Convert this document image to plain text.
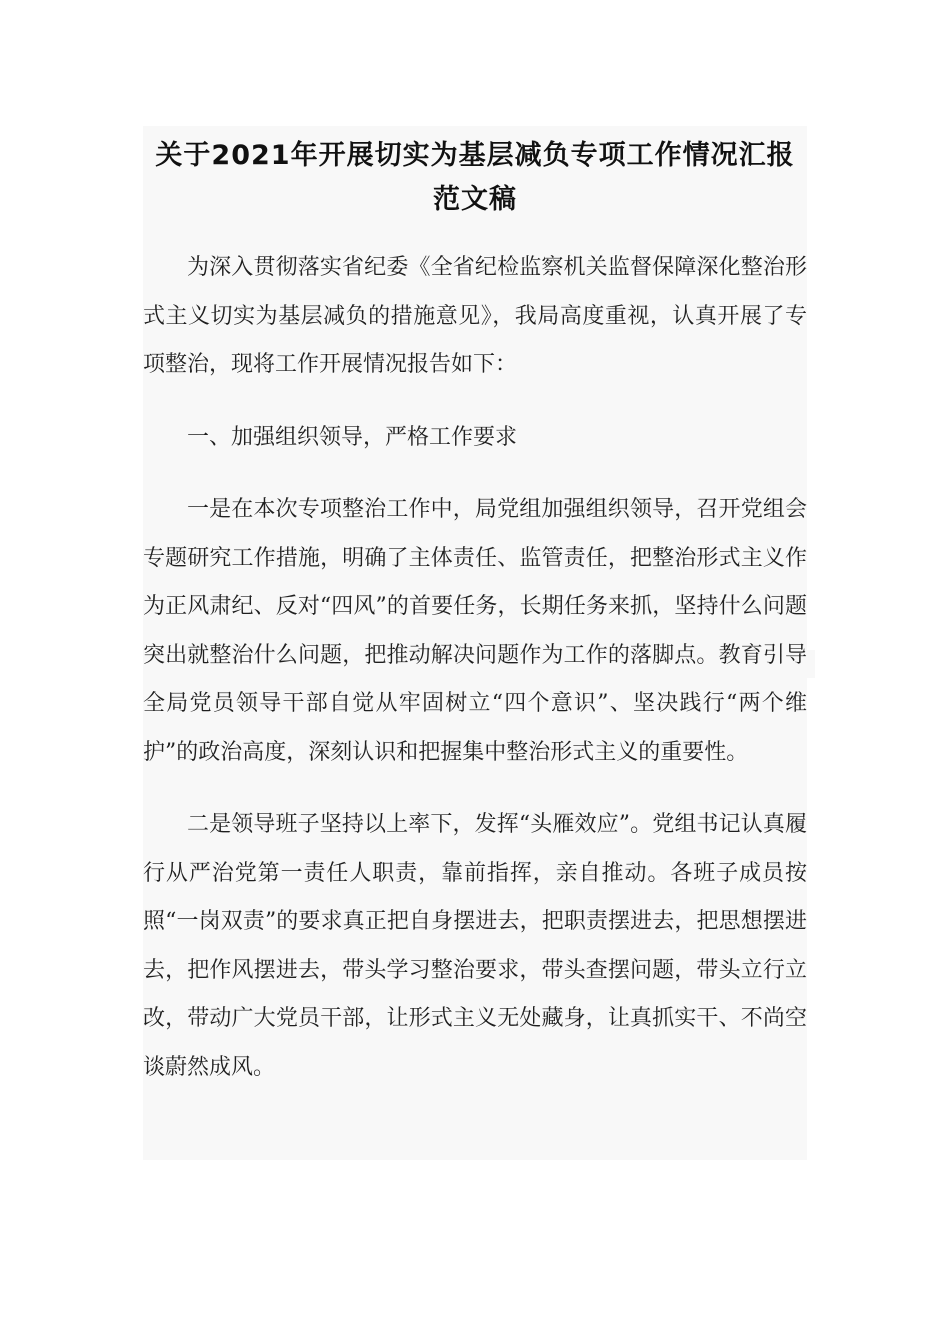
关于2021年开展切实为基层减负专项工作情况汇报
范文稿

为深入贯彻落实省纪委《全省纪检监察机关监督保障深化整治形式主义切实为基层减负的措施意见》，我局高度重视，认真开展了专项整治，现将工作开展情况报告如下：

一、加强组织领导，严格工作要求

一是在本次专项整治工作中，局党组加强组织领导，召开党组会专题研究工作措施，明确了主体责任、监管责任，把整治形式主义作为正风肃纪、反对“四风”的首要任务，长期任务来抓，坚持什么问题突出就整治什么问题，把推动解决问题作为工作的落脚点。教育引导全局党员领导干部自觉从牢固树立“四个意识”、坚决践行“两个维护”的政治高度，深刻认识和把握集中整治形式主义的重要性。

二是领导班子坚持以上率下，发挥“头雁效应”。党组书记认真履行从严治党第一责任人职责，靠前指挥，亲自推动。各班子成员按照“一岗双责”的要求真正把自身摆进去，把职责摆进去，把思想摆进去，把作风摆进去，带头学习整治要求，带头查摆问题，带头立行立改，带动广大党员干部，让形式主义无处藏身，让真抓实干、不尚空谈蔚然成风。
